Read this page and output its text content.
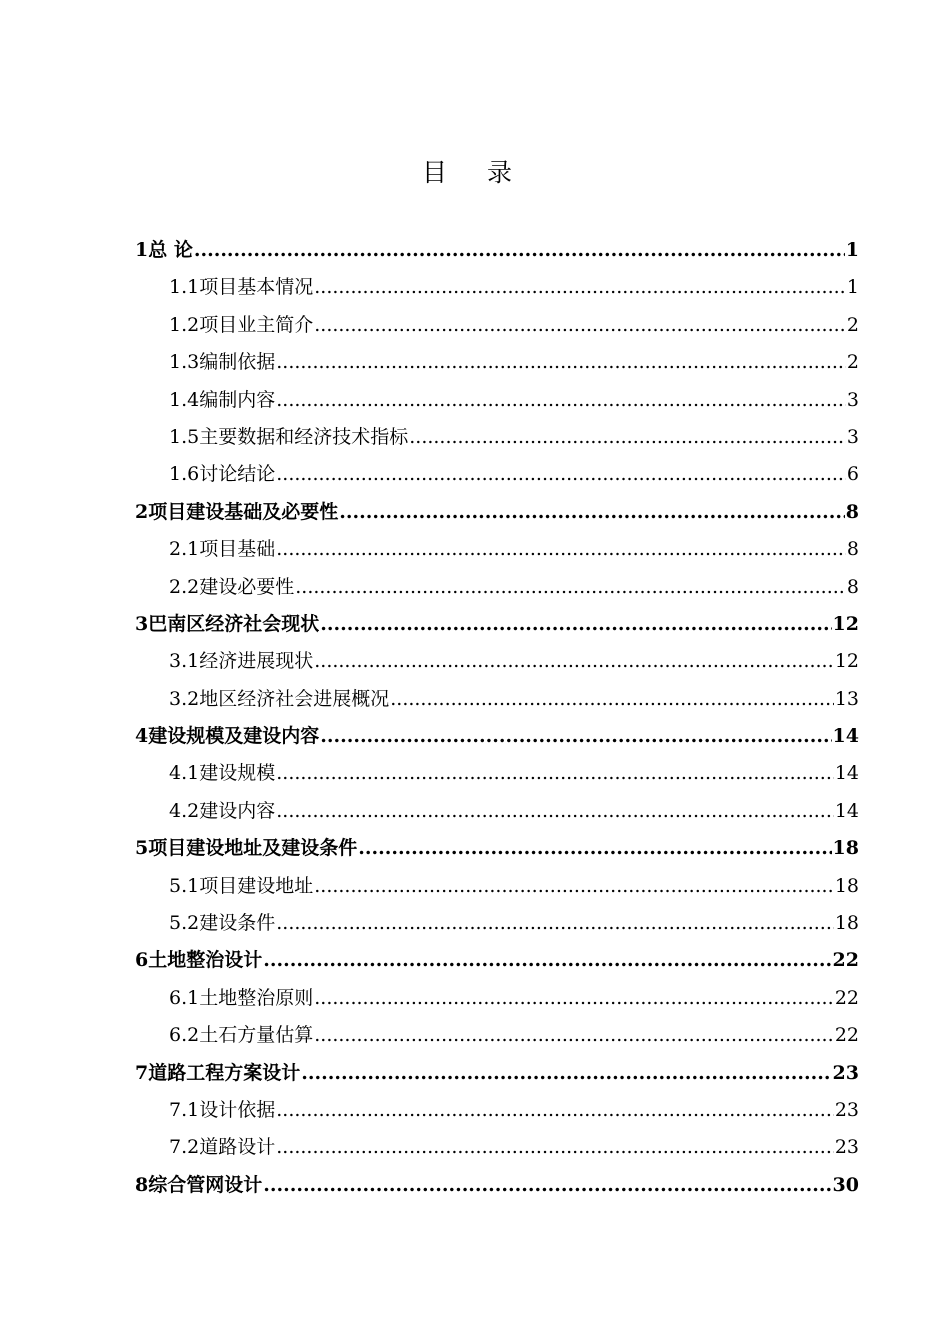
目 录
1 总 论 .....	1
1.1 项目基本情况 .....	1
1.2 项目业主简介 .....	2
1.3 编制依据 .....	2
1.4 编制内容 .....	3
1.5 主要数据和经济技术指标 .....	3
1.6 讨论结论 .....	6
2 项目建设基础及必要性 .....	8
2.1 项目基础 .....	8
2.2 建设必要性 .....	8
3 巴南区经济社会现状 .....	12
3.1 经济进展现状 .....	12
3.2 地区经济社会进展概况 .....	13
4 建设规模及建设内容 .....	14
4.1 建设规模 .....	14
4.2 建设内容 .....	14
5 项目建设地址及建设条件 .....	18
5.1 项目建设地址 .....	18
5.2 建设条件 .....	18
6 土地整治设计 .....	22
6.1 土地整治原则 .....	22
6.2 土石方量估算 .....	22
7 道路工程方案设计 .....	23
7.1 设计依据 .....	23
7.2 道路设计 .....	23
8 综合管网设计 .....	30
